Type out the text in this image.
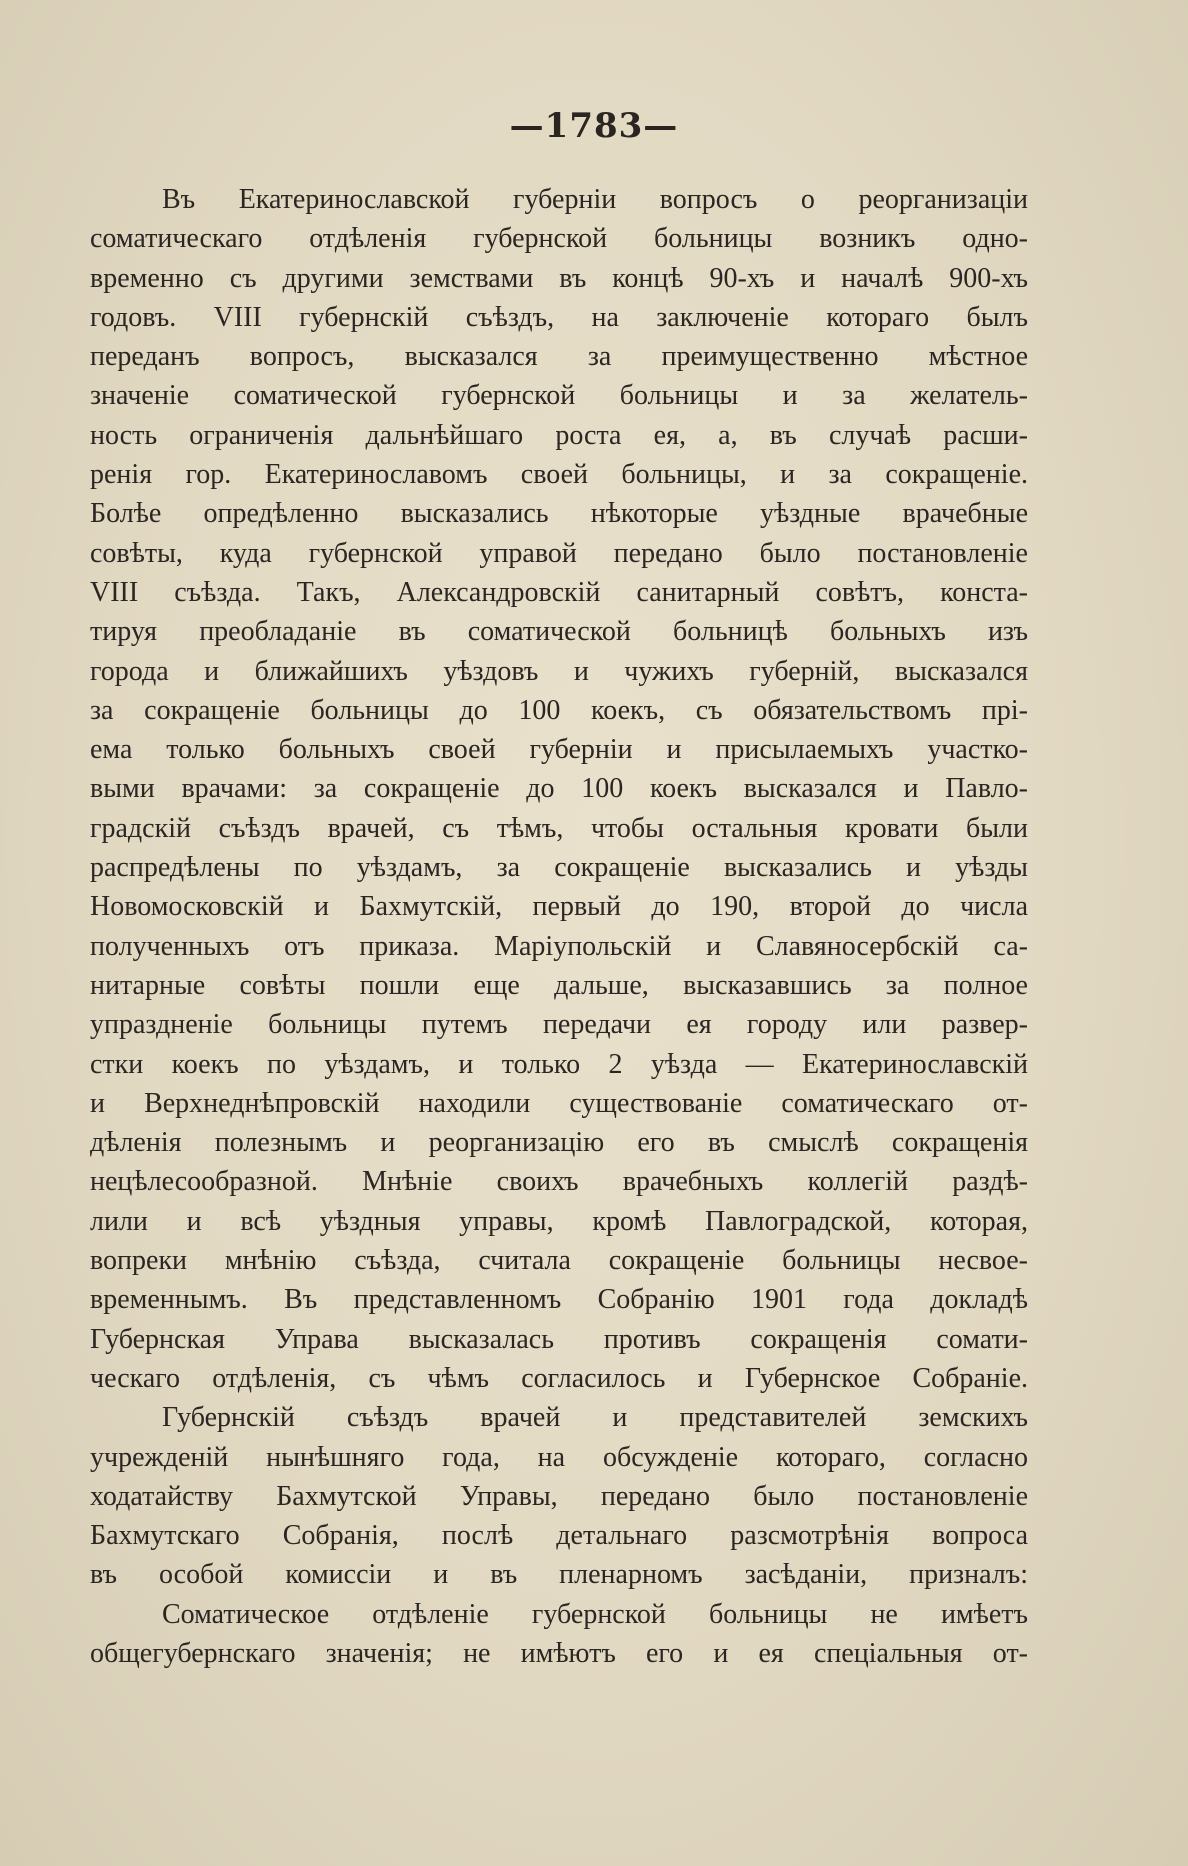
—1783—
Въ Екатеринославской губерніи вопросъ о реорганизаціи
соматическаго отдѣленія губернской больницы возникъ одно-
временно съ другими земствами въ концѣ 90-хъ и началѣ 900-хъ
годовъ. VIII губернскій съѣздъ, на заключеніе котораго былъ
переданъ вопросъ, высказался за преимущественно мѣстное
значеніе соматической губернской больницы и за желатель-
ность ограниченія дальнѣйшаго роста ея, а, въ случаѣ расши-
ренія гор. Екатеринославомъ своей больницы, и за сокращеніе.
Болѣе опредѣленно высказались нѣкоторые уѣздные врачебные
совѣты, куда губернской управой передано было постановленіе
VIII съѣзда. Такъ, Александровскій санитарный совѣтъ, конста-
тируя преобладаніе въ соматической больницѣ больныхъ изъ
города и ближайшихъ уѣздовъ и чужихъ губерній, высказался
за сокращеніе больницы до 100 коекъ, съ обязательствомъ прі-
ема только больныхъ своей губерніи и присылаемыхъ участко-
выми врачами: за сокращеніе до 100 коекъ высказался и Павло-
градскій съѣздъ врачей, съ тѣмъ, чтобы остальныя кровати были
распредѣлены по уѣздамъ, за сокращеніе высказались и уѣзды
Новомосковскій и Бахмутскій, первый до 190, второй до числа
полученныхъ отъ приказа. Маріупольскій и Славяносербскій са-
нитарные совѣты пошли еще дальше, высказавшись за полное
упраздненіе больницы путемъ передачи ея городу или развер-
стки коекъ по уѣздамъ, и только 2 уѣзда — Екатеринославскій
и Верхнеднѣпровскій находили существованіе соматическаго от-
дѣленія полезнымъ и реорганизацію его въ смыслѣ сокращенія
нецѣлесообразной. Мнѣніе своихъ врачебныхъ коллегій раздѣ-
лили и всѣ уѣздныя управы, кромѣ Павлоградской, которая,
вопреки мнѣнію съѣзда, считала сокращеніе больницы несвое-
временнымъ. Въ представленномъ Собранію 1901 года докладѣ
Губернская Управа высказалась противъ сокращенія сомати-
ческаго отдѣленія, съ чѣмъ согласилось и Губернское Собраніе.
Губернскій съѣздъ врачей и представителей земскихъ
учрежденій нынѣшняго года, на обсужденіе котораго, согласно
ходатайству Бахмутской Управы, передано было постановленіе
Бахмутскаго Собранія, послѣ детальнаго разсмотрѣнія вопроса
въ особой комиссіи и въ пленарномъ засѣданіи, призналъ:
Соматическое отдѣленіе губернской больницы не имѣетъ
общегубернскаго значенія; не имѣютъ его и ея спеціальныя от-
